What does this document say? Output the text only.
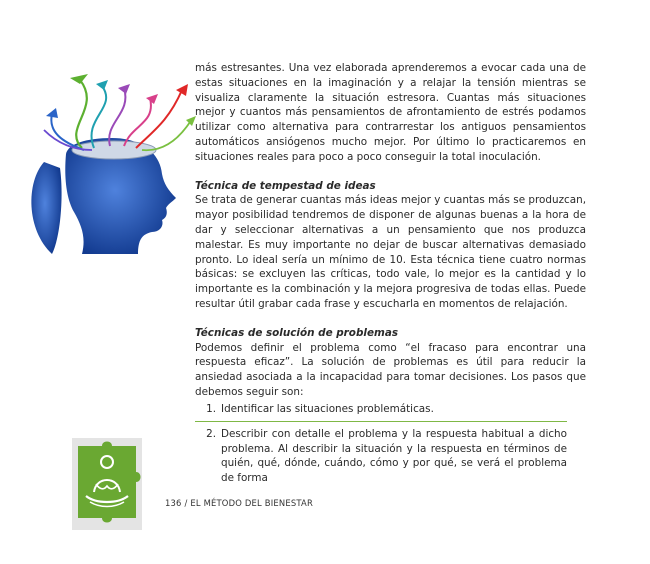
más estresantes. Una vez elaborada aprenderemos a evocar cada una de estas situaciones en la imaginación y a relajar la tensión mientras se visualiza claramente la situación estresora. Cuantas más situaciones mejor y cuantos más pensamientos de afrontamiento de estrés podamos utilizar como alternativa para contrarrestar los antiguos pensamientos automáticos ansiógenos mucho mejor. Por último lo practicaremos en situaciones reales para poco a poco conseguir la total inoculación.

Técnica de tempestad de ideas

Se trata de generar cuantas más ideas mejor y cuantas más se produzcan, mayor posibilidad tendremos de disponer de algunas buenas a la hora de dar y seleccionar alternativas a un pensamiento que nos produzca malestar. Es muy importante no dejar de buscar alternativas demasiado pronto. Lo ideal sería un mínimo de 10. Esta técnica tiene cuatro normas básicas: se excluyen las críticas, todo vale, lo mejor es la cantidad y lo importante es la combinación y la mejora progresiva de todas ellas. Puede resultar útil grabar cada frase y escucharla en momentos de relajación.

Técnicas de solución de problemas

Podemos definir el problema como “el fracaso para encontrar una respuesta eficaz”. La solución de problemas es útil para reducir la ansiedad asociada a la incapacidad para tomar decisiones. Los pasos que debemos seguir son:

1. Identificar las situaciones problemáticas.
2. Describir con detalle el problema y la respuesta habitual a dicho problema. Al describir la situación y la respuesta en términos de quién, qué, dónde, cuándo, cómo y por qué, se verá el problema de forma
136 / EL MÉTODO DEL BIENESTAR
